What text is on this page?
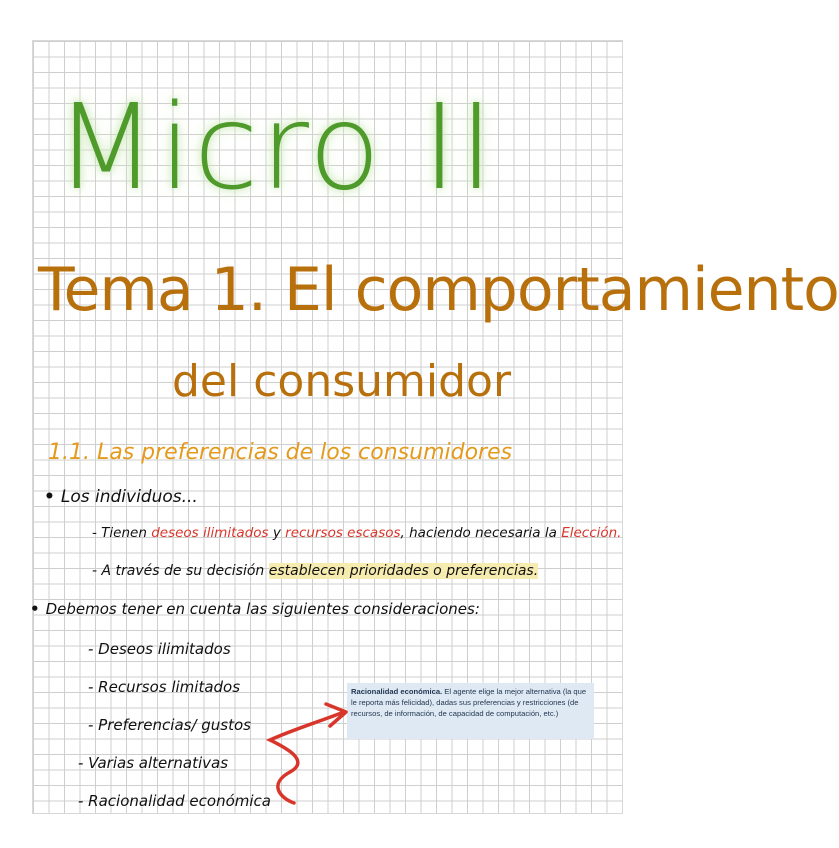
Micro II
Tema 1. El comportamiento
del consumidor
1.1. Las preferencias de los consumidores
• Los individuos...
- Tienen deseos ilimitados y recursos escasos, haciendo necesaria la Elección.
- A través de su decisión establecen prioridades o preferencias.
• Debemos tener en cuenta las siguientes consideraciones:
- Deseos ilimitados
- Recursos limitados
- Preferencias/ gustos
- Varias alternativas
- Racionalidad económica
Racionalidad económica. El agente elige la mejor alternativa (la que le reporta más felicidad), dadas sus preferencias y restricciones (de recursos, de información, de capacidad de computación, etc.)
